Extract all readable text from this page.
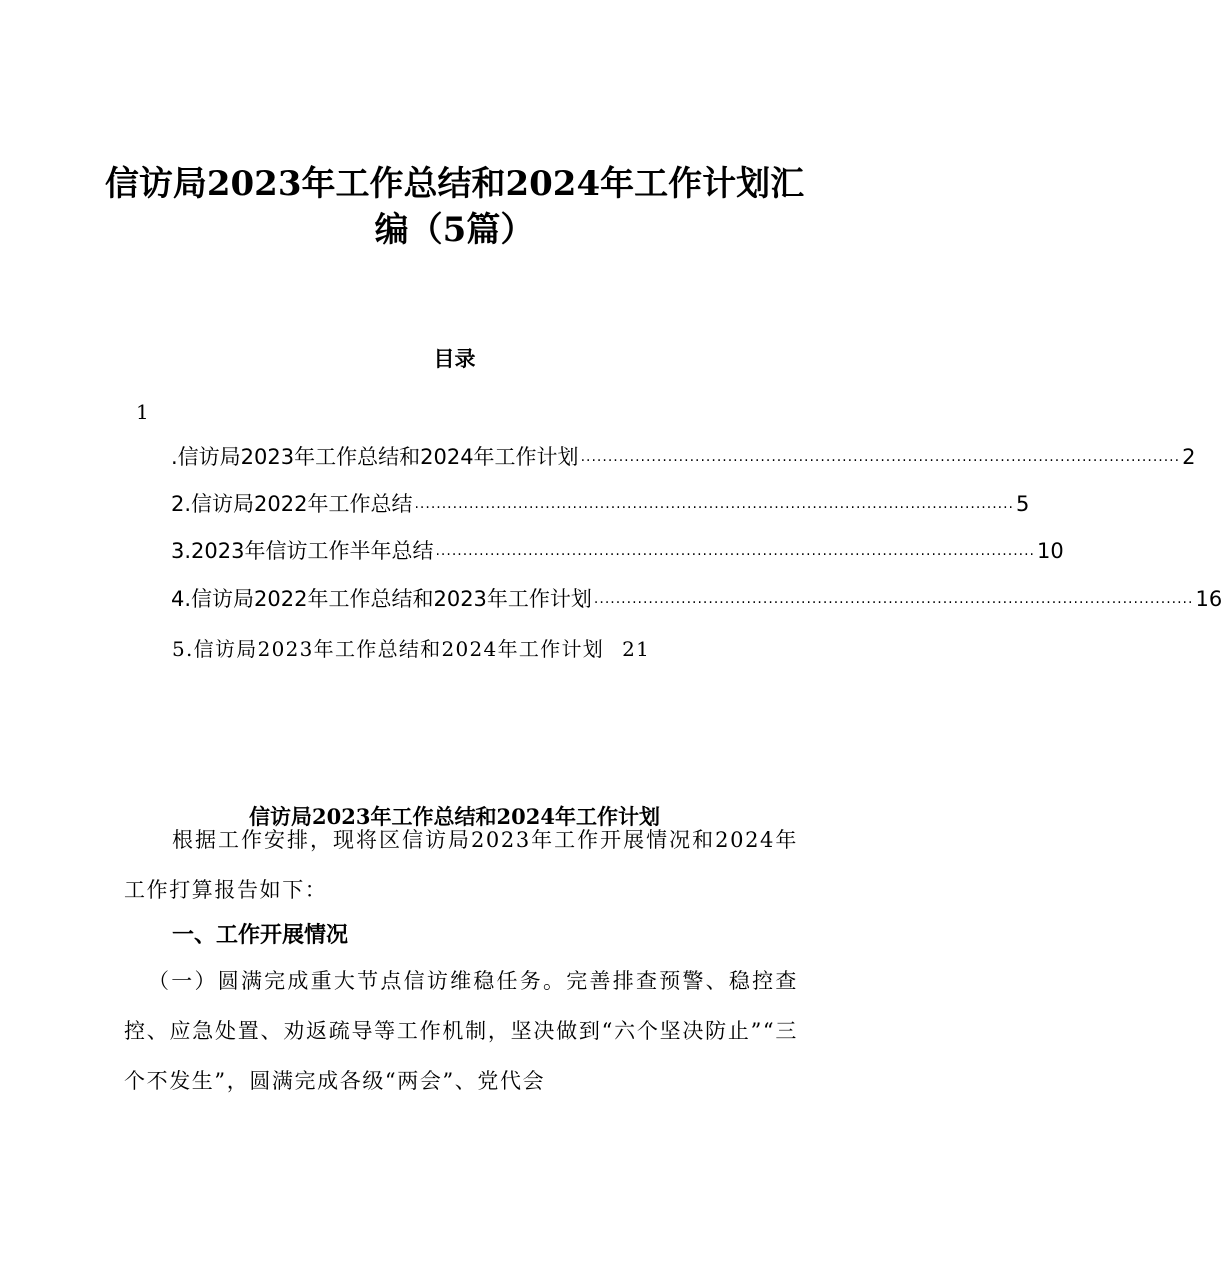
信访局2023年工作总结和2024年工作计划汇
编（5篇）
目录
1
.信访局2023年工作总结和2024年工作计划 .............................................................................................................. 2
2.信访局2022年工作总结 .............................................................................................................. 5
3.2023年信访工作半年总结 .............................................................................................................. 10
4.信访局2022年工作总结和2023年工作计划 .............................................................................................................. 16
5.信访局2023年工作总结和2024年工作计划 21
信访局2023年工作总结和2024年工作计划
根据工作安排，现将区信访局2023年工作开展情况和2024年工作打算报告如下：
一、工作开展情况
（一）圆满完成重大节点信访维稳任务。完善排查预警、稳控查控、应急处置、劝返疏导等工作机制，坚决做到“六个坚决防止”“三个不发生”，圆满完成各级“两会”、党代会
